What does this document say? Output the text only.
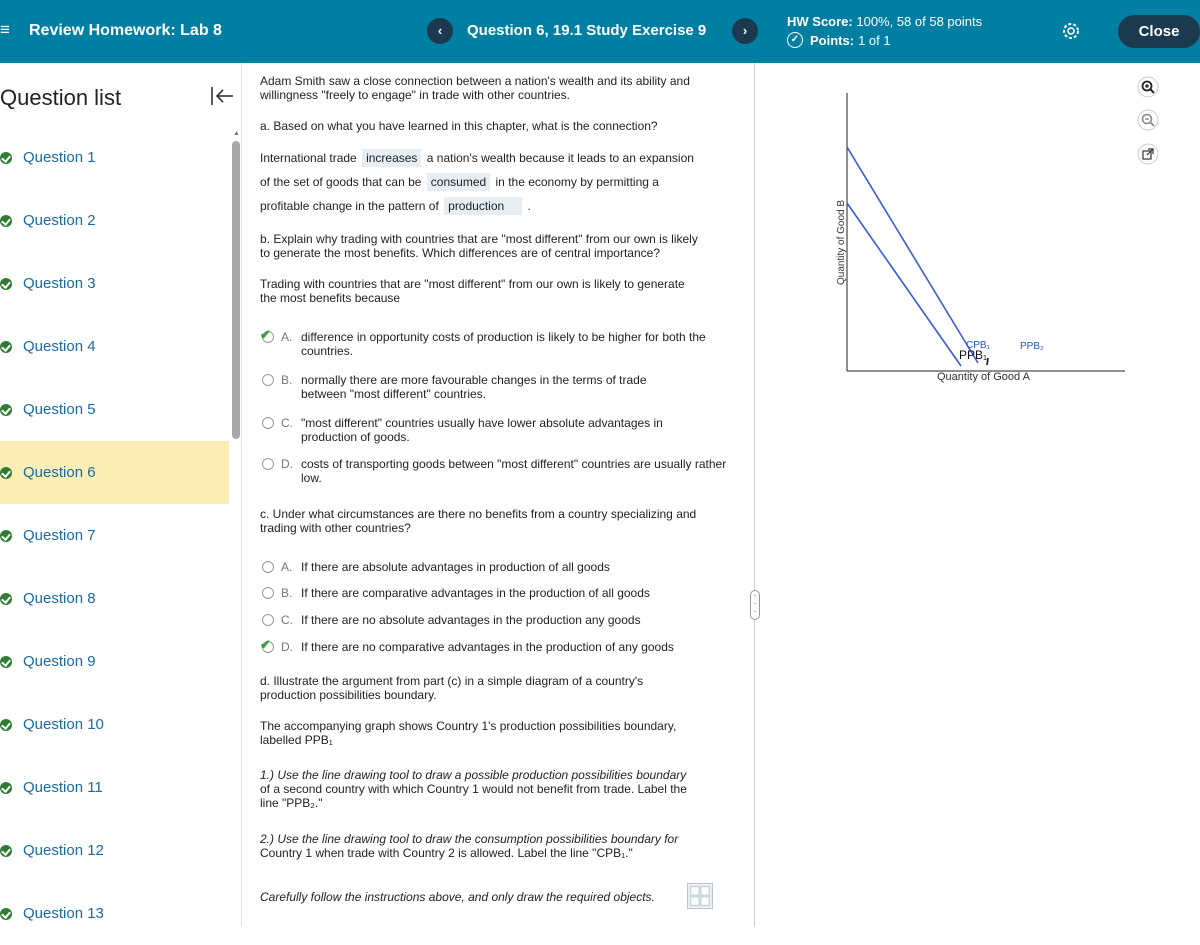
≡ Review Homework: Lab 8	‹	Question 6, 19.1 Study Exercise 9	›
HW Score: 100%, 58 of 58 points
✓ Points: 1 of 1	Close
Question list
▲
Question 1
Question 2
Question 3
Question 4
Question 5
Question 6
Question 7
Question 8
Question 9
Question 10
Question 11
Question 12
Question 13
Adam Smith saw a close connection between a nation's wealth and its ability and
willingness "freely to engage" in trade with other countries.
a. Based on what you have learned in this chapter, what is the connection?
International trade increases a nation's wealth because it leads to an expansion
of the set of goods that can be consumed in the economy by permitting a
profitable change in the pattern of production .
b. Explain why trading with countries that are "most different" from our own is likely
to generate the most benefits. Which differences are of central importance?
Trading with countries that are "most different" from our own is likely to generate
the most benefits because
✔ A. difference in opportunity costs of production is likely to be higher for both the countries.
B. normally there are more favourable changes in the terms of trade between "most different" countries.
C. "most different" countries usually have lower absolute advantages in production of goods.
D. costs of transporting goods between "most different" countries are usually rather low.
c. Under what circumstances are there no benefits from a country specializing and
trading with other countries?
A. If there are absolute advantages in production of all goods
B. If there are comparative advantages in the production of all goods
C. If there are no absolute advantages in the production any goods
✔ D. If there are no comparative advantages in the production of any goods
d. Illustrate the argument from part (c) in a simple diagram of a country's
production possibilities boundary.
The accompanying graph shows Country 1's production possibilities boundary,
labelled PPB₁
1.) Use the line drawing tool to draw a possible production possibilities boundary
of a second country with which Country 1 would not benefit from trade. Label the
line "PPB₂."
2.) Use the line drawing tool to draw the consumption possibilities boundary for
Country 1 when trade with Country 2 is allowed. Label the line "CPB₁."
Carefully follow the instructions above, and only draw the required objects.
·
·
·
Quantity of Good B
Quantity of Good A
CPB₁
PPB₁
PPB₂
